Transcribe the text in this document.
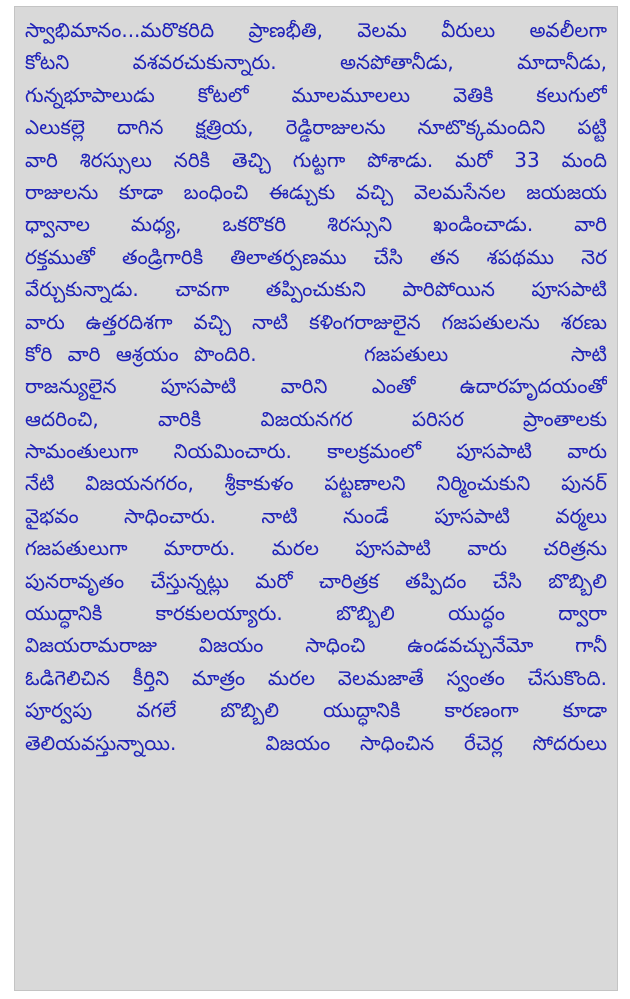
స్వాభిమానం...మరొకరిది ప్రాణభీతి, వెలమ వీరులు అవలీలగా
కోటని వశవరచుకున్నారు. అనపోతానీడు, మాదానీడు,
గున్నభూపాలుడు కోటలో మూలమూలలు వెతికి కలుగులో
ఎలుకల్లె దాగిన క్షత్రియ, రెడ్డిరాజులను నూటొక్కమందిని పట్టి
వారి శిరస్సులు నరికి తెచ్చి గుట్టగా పోశాడు. మరో 33 మంది
రాజులను కూడా బంధించి ఈడ్చుకు వచ్చి వెలమసేనల జయజయ
ధ్వానాల మధ్య, ఒకరొకరి శిరస్సుని ఖండించాడు. వారి
రక్తముతో తండ్రిగారికి తిలాతర్పణము చేసి తన శపథము నెర
వేర్చుకున్నాడు. చావగా తప్పించుకుని పారిపోయిన పూసపాటి
వారు ఉత్తరదిశగా వచ్చి నాటి కళింగరాజులైన గజపతులను శరణు
కోరి వారి ఆశ్రయం పొందిరి.       గజపతులు        సాటి
రాజన్యులైన పూసపాటి వారిని ఎంతో ఉదారహృదయంతో
ఆదరించి, వారికి విజయనగర పరిసర ప్రాంతాలకు
సామంతులుగా నియమించారు. కాలక్రమంలో పూసపాటి వారు
నేటి విజయనగరం, శ్రీకాకుళం పట్టణాలని నిర్మించుకుని పునర్
వైభవం సాధించారు. నాటి నుండే పూసపాటి వర్మలు
గజపతులుగా మారారు. మరల పూసపాటి వారు చరిత్రను
పునరావృతం చేస్తున్నట్లు మరో చారిత్రక తప్పిదం చేసి బొబ్బిలి
యుద్ధానికి కారకులయ్యారు. బొబ్బిలి యుద్ధం ద్వారా
విజయరామరాజు విజయం సాధించి ఉండవచ్చునేమో గానీ
ఓడిగెలిచిన కీర్తిని మాత్రం మరల వెలమజాతే స్వంతం చేసుకొంది.
పూర్వపు వగలే బొబ్బిలి యుద్ధానికి కారణంగా కూడా
తెలియవస్తున్నాయి.   విజయం సాధించిన రేచెర్ల సోదరులు
